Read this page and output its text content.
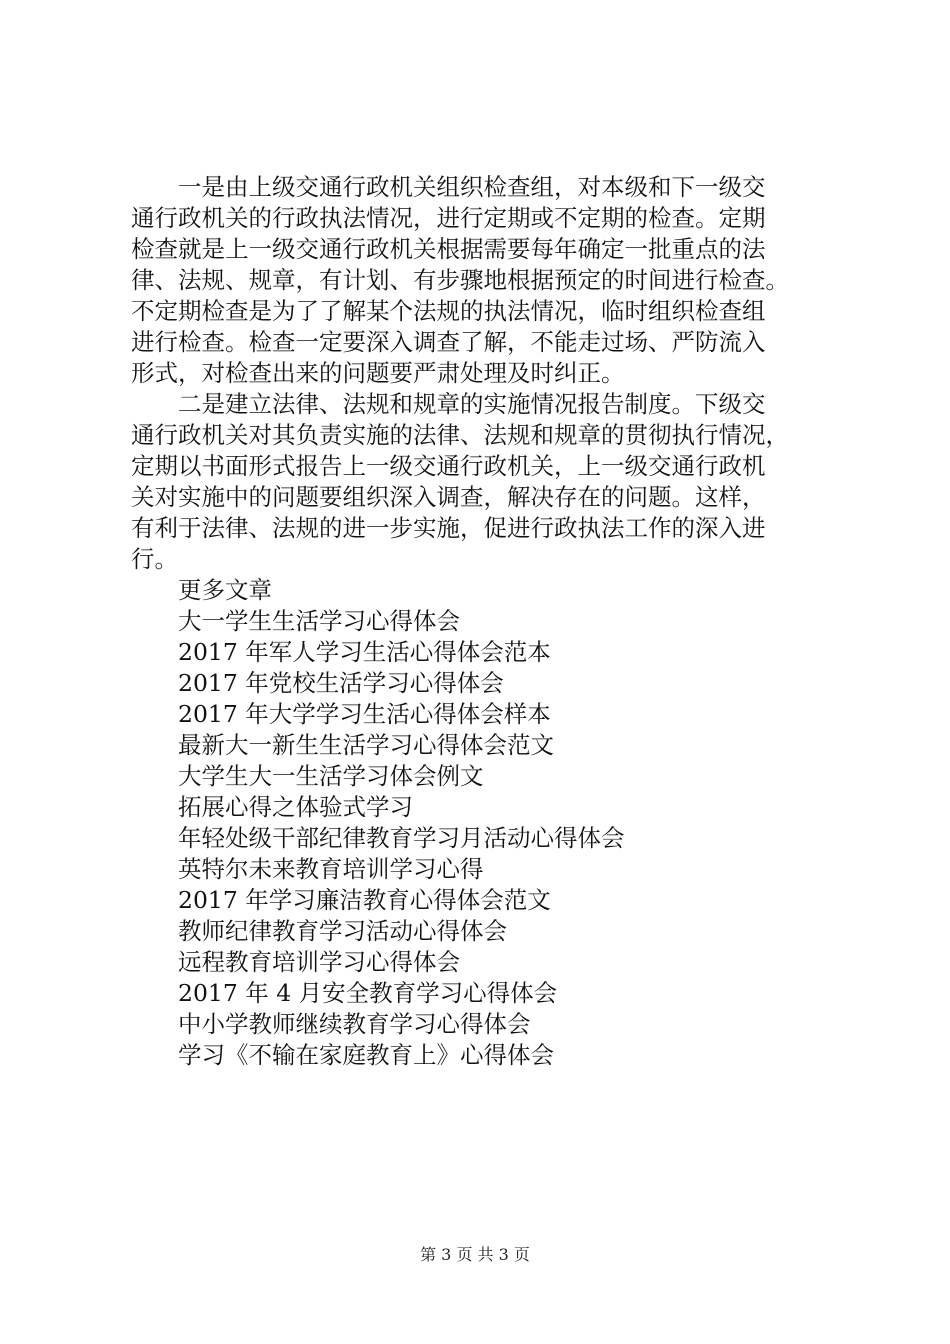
一是由上级交通行政机关组织检查组，对本级和下一级交
通行政机关的行政执法情况，进行定期或不定期的检查。定期
检查就是上一级交通行政机关根据需要每年确定一批重点的法
律、法规、规章，有计划、有步骤地根据预定的时间进行检查。
不定期检查是为了了解某个法规的执法情况，临时组织检查组
进行检查。检查一定要深入调查了解，不能走过场、严防流入
形式，对检查出来的问题要严肃处理及时纠正。
二是建立法律、法规和规章的实施情况报告制度。下级交
通行政机关对其负责实施的法律、法规和规章的贯彻执行情况，
定期以书面形式报告上一级交通行政机关，上一级交通行政机
关对实施中的问题要组织深入调查，解决存在的问题。这样，
有利于法律、法规的进一步实施，促进行政执法工作的深入进
行。
更多文章
大一学生生活学习心得体会
2017 年军人学习生活心得体会范本
2017 年党校生活学习心得体会
2017 年大学学习生活心得体会样本
最新大一新生生活学习心得体会范文
大学生大一生活学习体会例文
拓展心得之体验式学习
年轻处级干部纪律教育学习月活动心得体会
英特尔未来教育培训学习心得
2017 年学习廉洁教育心得体会范文
教师纪律教育学习活动心得体会
远程教育培训学习心得体会
2017 年 4 月安全教育学习心得体会
中小学教师继续教育学习心得体会
学习《不输在家庭教育上》心得体会
第 3 页 共 3 页
